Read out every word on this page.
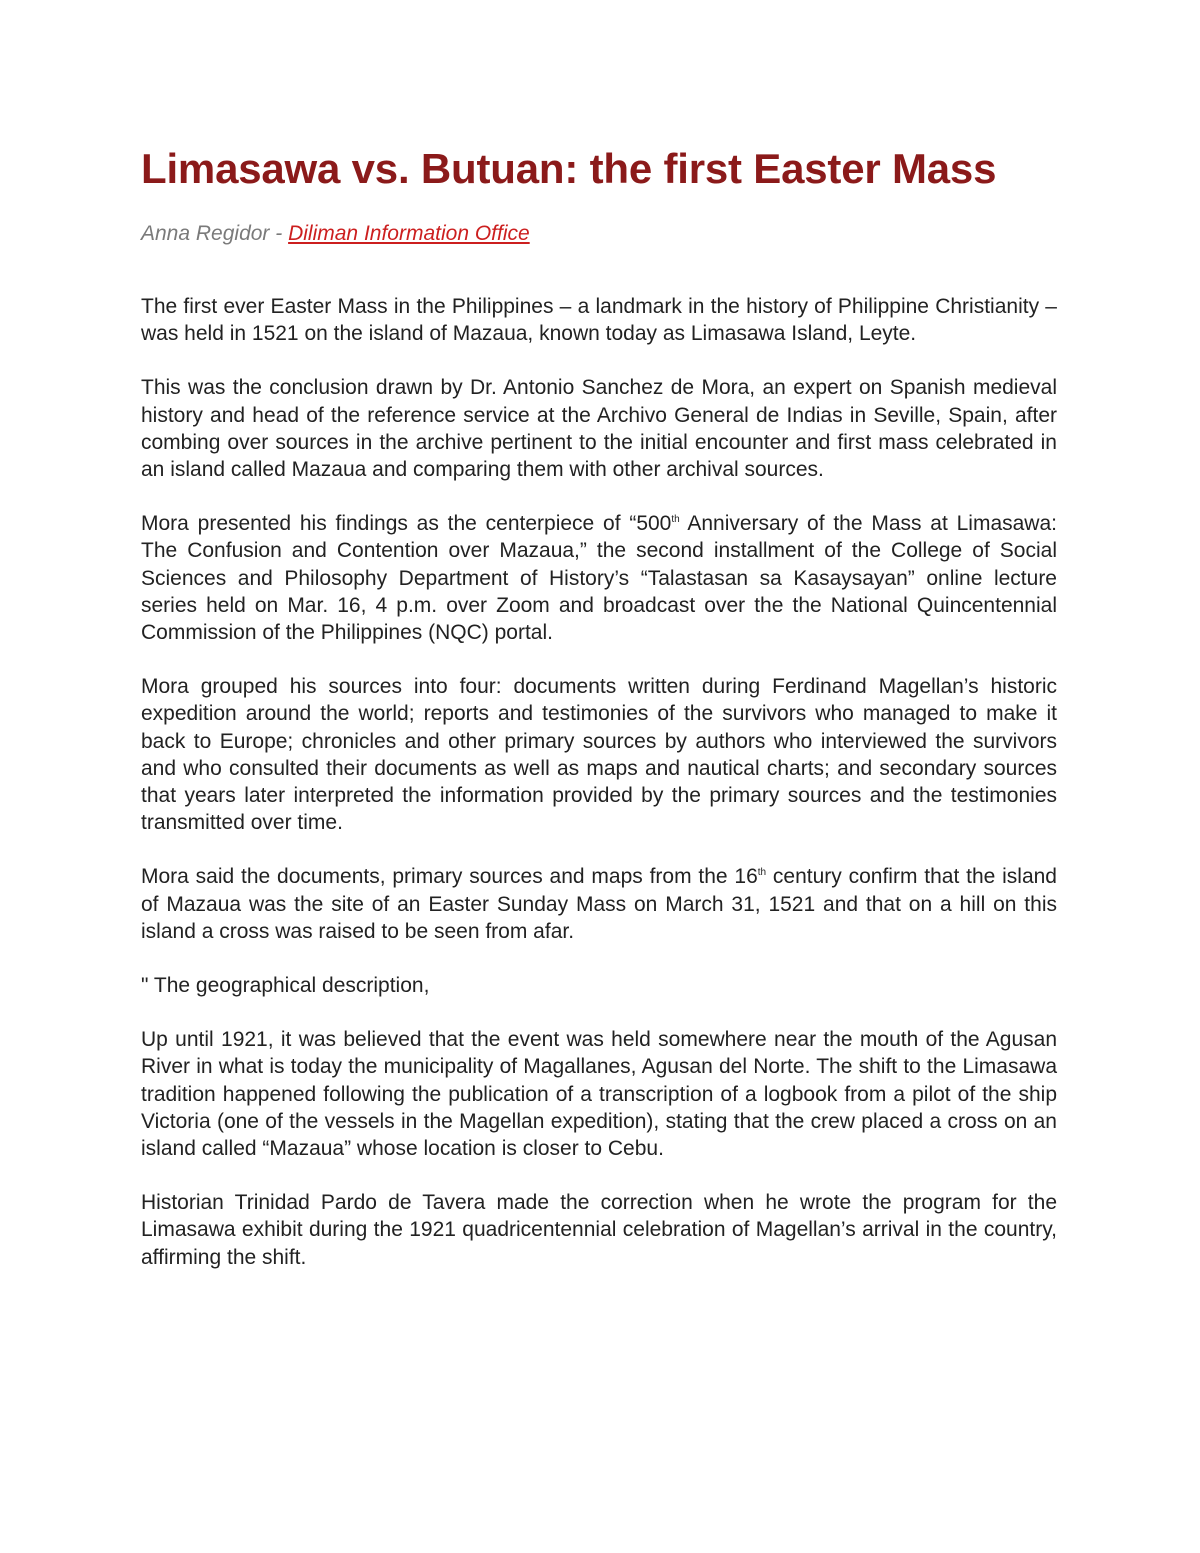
Limasawa vs. Butuan: the first Easter Mass

Anna Regidor - Diliman Information Office

The first ever Easter Mass in the Philippines – a landmark in the history of Philippine Christianity – was held in 1521 on the island of Mazaua, known today as Limasawa Island, Leyte.

This was the conclusion drawn by Dr. Antonio Sanchez de Mora, an expert on Spanish medieval history and head of the reference service at the Archivo General de Indias in Seville, Spain, after combing over sources in the archive pertinent to the initial encounter and first mass celebrated in an island called Mazaua and comparing them with other archival sources.

Mora presented his findings as the centerpiece of “500th Anniversary of the Mass at Limasawa: The Confusion and Contention over Mazaua,” the second installment of the College of Social Sciences and Philosophy Department of History’s “Talastasan sa Kasaysayan” online lecture series held on Mar. 16, 4 p.m. over Zoom and broadcast over the the National Quincentennial Commission of the Philippines (NQC) portal.

Mora grouped his sources into four: documents written during Ferdinand Magellan’s historic expedition around the world; reports and testimonies of the survivors who managed to make it back to Europe; chronicles and other primary sources by authors who interviewed the survivors and who consulted their documents as well as maps and nautical charts; and secondary sources that years later interpreted the information provided by the primary sources and the testimonies transmitted over time.

Mora said the documents, primary sources and maps from the 16th century confirm that the island of Mazaua was the site of an Easter Sunday Mass on March 31, 1521 and that on a hill on this island a cross was raised to be seen from afar.

" The geographical description,

Up until 1921, it was believed that the event was held somewhere near the mouth of the Agusan River in what is today the municipality of Magallanes, Agusan del Norte. The shift to the Limasawa tradition happened following the publication of a transcription of a logbook from a pilot of the ship Victoria (one of the vessels in the Magellan expedition), stating that the crew placed a cross on an island called “Mazaua” whose location is closer to Cebu.

Historian Trinidad Pardo de Tavera made the correction when he wrote the program for the Limasawa exhibit during the 1921 quadricentennial celebration of Magellan’s arrival in the country, affirming the shift.
